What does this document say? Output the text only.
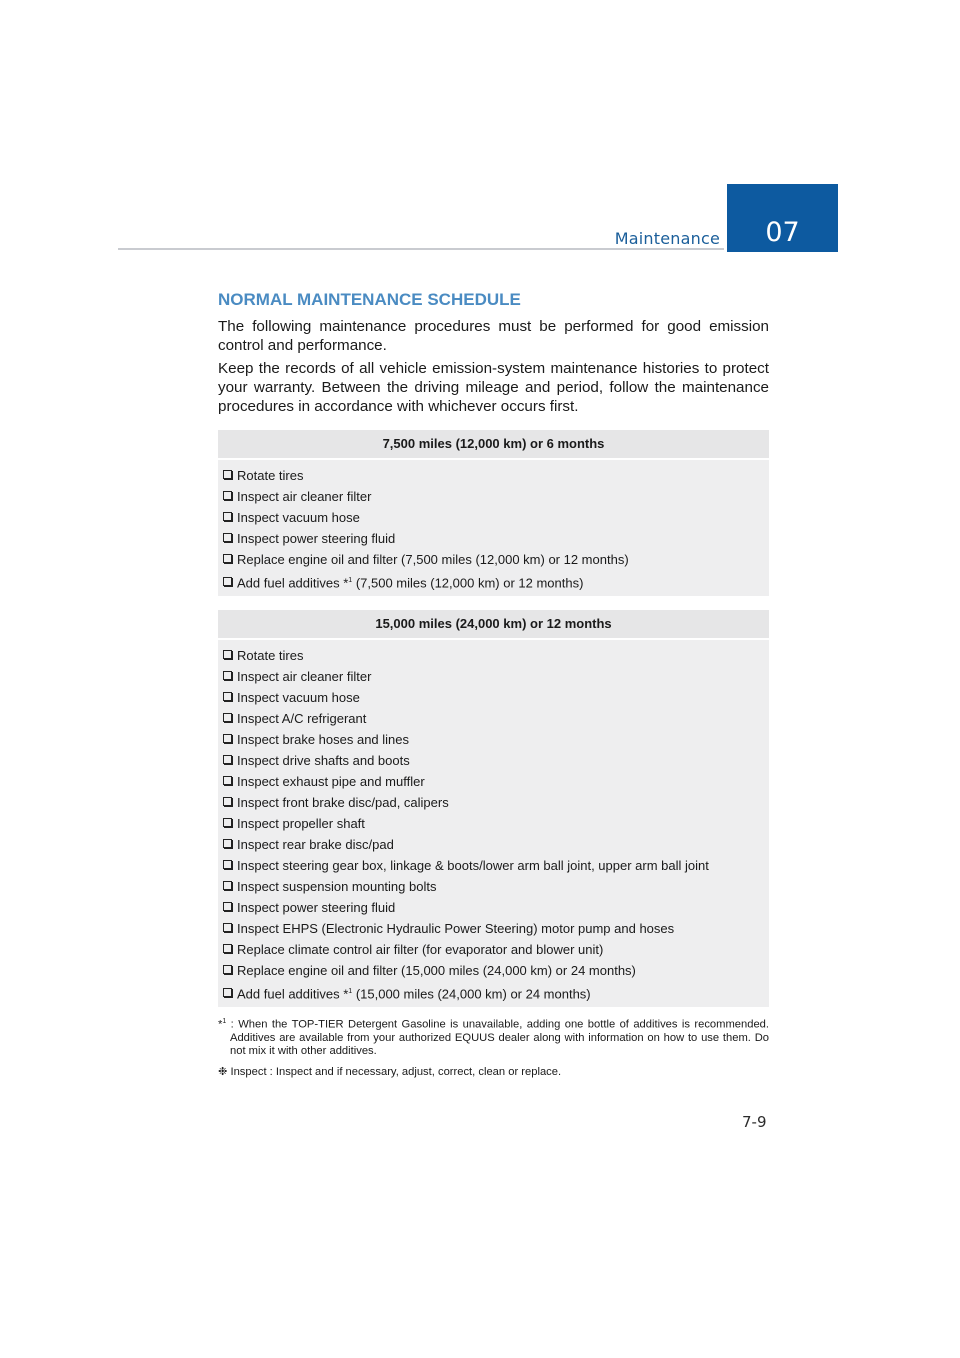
Maintenance	07
NORMAL MAINTENANCE SCHEDULE

The following maintenance procedures must be performed for good emission control and performance.

Keep the records of all vehicle emission-system maintenance histories to protect your warranty. Between the driving mileage and period, follow the maintenance procedures in accordance with whichever occurs first.

7,500 miles (12,000 km) or 6 months
Rotate tires
Inspect air cleaner filter
Inspect vacuum hose
Inspect power steering fluid
Replace engine oil and filter (7,500 miles (12,000 km) or 12 months)
Add fuel additives *$^1$ (7,500 miles (12,000 km) or 12 months)
15,000 miles (24,000 km) or 12 months
Rotate tires
Inspect air cleaner filter
Inspect vacuum hose
Inspect A/C refrigerant
Inspect brake hoses and lines
Inspect drive shafts and boots
Inspect exhaust pipe and muffler
Inspect front brake disc/pad, calipers
Inspect propeller shaft
Inspect rear brake disc/pad
Inspect steering gear box, linkage & boots/lower arm ball joint, upper arm ball joint
Inspect suspension mounting bolts
Inspect power steering fluid
Inspect EHPS (Electronic Hydraulic Power Steering) motor pump and hoses
Replace climate control air filter (for evaporator and blower unit)
Replace engine oil and filter (15,000 miles (24,000 km) or 24 months)
Add fuel additives *$^1$ (15,000 miles (24,000 km) or 24 months)
*$^1$ : When the TOP-TIER Detergent Gasoline is unavailable, adding one bottle of additives is recommended. Additives are available from your authorized EQUUS dealer along with information on how to use them. Do not mix it with other additives.
❉ Inspect : Inspect and if necessary, adjust, correct, clean or replace.
7-9
